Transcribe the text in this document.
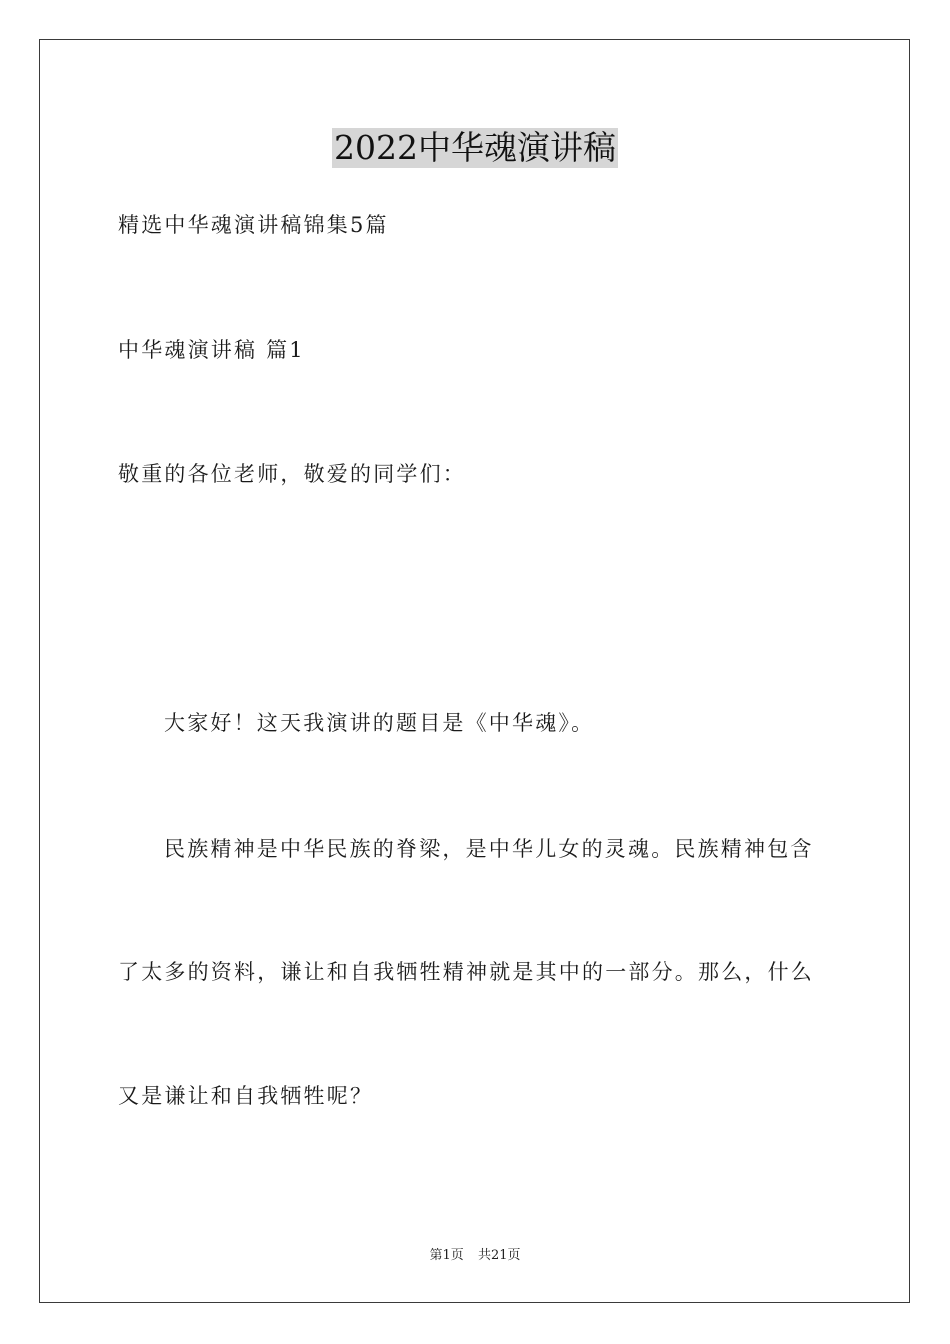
2022中华魂演讲稿
精选中华魂演讲稿锦集5篇
中华魂演讲稿 篇1
敬重的各位老师，敬爱的同学们：
大家好！这天我演讲的题目是《中华魂》。
民族精神是中华民族的脊梁，是中华儿女的灵魂。民族精神包含
了太多的资料，谦让和自我牺牲精神就是其中的一部分。那么，什么
又是谦让和自我牺牲呢？
第1页 共21页
